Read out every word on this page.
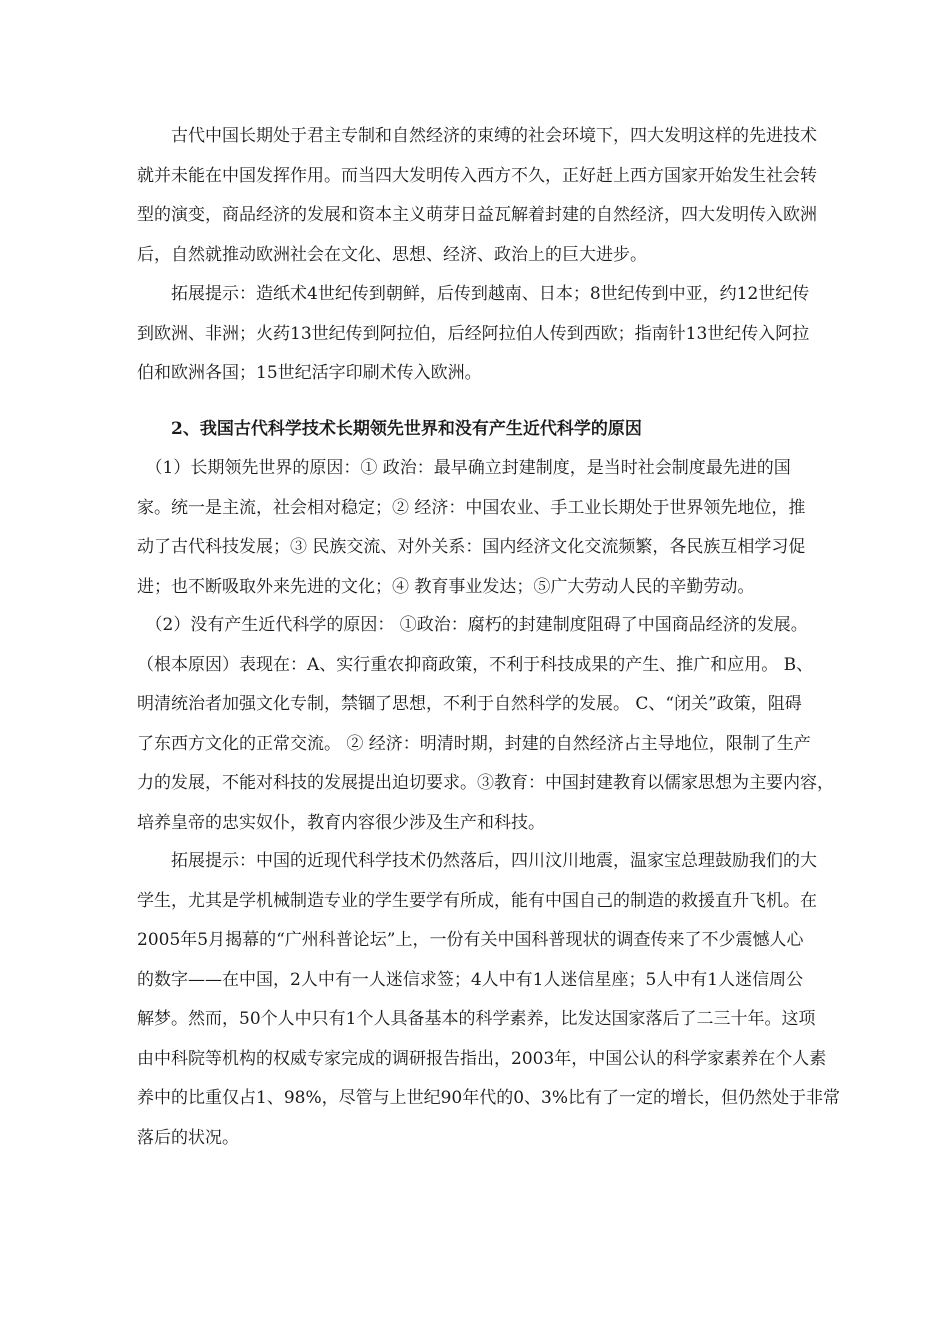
　　古代中国长期处于君主专制和自然经济的束缚的社会环境下，四大发明这样的先进技术
就并未能在中国发挥作用。而当四大发明传入西方不久，正好赶上西方国家开始发生社会转
型的演变，商品经济的发展和资本主义萌芽日益瓦解着封建的自然经济，四大发明传入欧洲
后，自然就推动欧洲社会在文化、思想、经济、政治上的巨大进步。

　　拓展提示：造纸术4世纪传到朝鲜，后传到越南、日本；8世纪传到中亚，约12世纪传
到欧洲、非洲；火药13世纪传到阿拉伯，后经阿拉伯人传到西欧；指南针13世纪传入阿拉
伯和欧洲各国；15世纪活字印刷术传入欧洲。

　　2、我国古代科学技术长期领先世界和没有产生近代科学的原因

　（1）长期领先世界的原因：① 政治：最早确立封建制度，是当时社会制度最先进的国
家。统一是主流，社会相对稳定；② 经济：中国农业、手工业长期处于世界领先地位，推
动了古代科技发展；③ 民族交流、对外关系：国内经济文化交流频繁，各民族互相学习促
进；也不断吸取外来先进的文化；④ 教育事业发达；⑤广大劳动人民的辛勤劳动。

　（2）没有产生近代科学的原因： ①政治：腐朽的封建制度阻碍了中国商品经济的发展。
（根本原因）表现在：A、实行重农抑商政策，不利于科技成果的产生、推广和应用。 B、
明清统治者加强文化专制，禁锢了思想，不利于自然科学的发展。 C、“闭关”政策，阻碍
了东西方文化的正常交流。 ② 经济：明清时期，封建的自然经济占主导地位，限制了生产
力的发展，不能对科技的发展提出迫切要求。③教育：中国封建教育以儒家思想为主要内容，
培养皇帝的忠实奴仆，教育内容很少涉及生产和科技。

　　拓展提示：中国的近现代科学技术仍然落后，四川汶川地震，温家宝总理鼓励我们的大
学生，尤其是学机械制造专业的学生要学有所成，能有中国自己的制造的救援直升飞机。在
2005年5月揭幕的“广州科普论坛”上，一份有关中国科普现状的调查传来了不少震憾人心
的数字——在中国，2人中有一人迷信求签；4人中有1人迷信星座；5人中有1人迷信周公
解梦。然而，50个人中只有1个人具备基本的科学素养，比发达国家落后了二三十年。这项
由中科院等机构的权威专家完成的调研报告指出，2003年，中国公认的科学家素养在个人素
养中的比重仅占1、98%，尽管与上世纪90年代的0、3%比有了一定的增长，但仍然处于非常
落后的状况。
